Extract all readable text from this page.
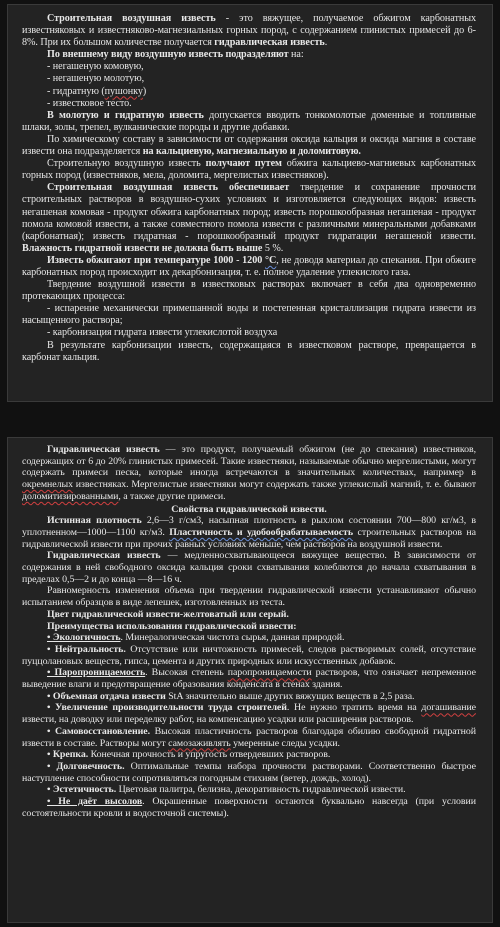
Строительная воздушная известь - это вяжущее, получаемое обжигом карбонатных известняковых и известняково-магнезиальных горных пород, с содержанием глинистых примесей до 6-8%. При их большом количестве получается гидравлическая известь.

По внешнему виду воздушную известь подразделяют на:

- негашеную комовую,

- негашеную молотую,

- гидратную (пушонку)

- известковое тесто.

В молотую и гидратную известь допускается вводить тонкомолотые доменные и топливные шлаки, золы, трепел, вулканические породы и другие добавки.

По химическому составу в зависимости от содержания оксида кальция и оксида магния в составе извести она подразделяется на кальциевую, магнезиальную и доломитовую.

Строительную воздушную известь получают путем обжига кальциево-магниевых карбонатных горных пород (известняков, мела, доломита, мергелистых известняков).

Строительная воздушная известь обеспечивает твердение и сохранение прочности строительных растворов в воздушно-сухих условиях и изготовляется следующих видов: известь негашеная комовая - продукт обжига карбонатных пород; известь порошкообразная негашеная - продукт помола комовой извести, а также совместного помола извести с различными минеральными добавками (карбонатная); известь гидратная - порошкообразный продукт гидратации негашеной извести. Влажность гидратной извести не должна быть выше 5 %.

Известь обжигают при температуре 1000 - 1200 °С, не доводя материал до спекания. При обжиге карбонатных пород происходит их декарбонизация, т. е. полное удаление углекислого газа.

Твердение воздушной извести в известковых растворах включает в себя два одновременно протекающих процесса:

- испарение механически примешанной воды и постепенная кристаллизация гидрата извести из насыщенного раствора;

- карбонизация гидрата извести углекислотой воздуха

В результате карбонизации известь, содержащаяся в известковом растворе, превращается в карбонат кальция.

Гидравлическая известь — это продукт, получаемый обжигом (не до спекания) известняков, содержащих от 6 до 20% глинистых примесей. Такие известняки, называемые обычно мергелистыми, могут содержать примеси песка, которые иногда встречаются в значительных количествах, например в окремнелых известняках. Мергелистые известняки могут содержать также углекислый магний, т. е. бывают доломитизированными, а также другие примеси.

Свойства гидравлической извести.

Истинная плотность 2,6—3 г/см3, насыпная плотность в рыхлом состоянии 700—800 кг/м3, в уплотненном—1000—1100 кг/м3. Пластичность и удобообрабатываемость строительных растворов на гидравлической извести при прочих равных условиях меньше, чем растворов на воздушной извести.

Гидравлическая известь — медленносхватывающееся вяжущее вещество. В зависимости от содержания в ней свободного оксида кальция сроки схватывания колеблются до начала схватывания в пределах 0,5—2 и до конца —8—16 ч.

Равномерность изменения объема при твердении гидравлической извести устанавливают обычно испытанием образцов в виде лепешек, изготовленных из теста.

Цвет гидравлической извести-желтоватый или серый.

Преимущества использования гидравлической извести:

• Экологичность. Минералогическая чистота сырья, данная природой.

• Нейтральность. Отсутствие или ничтожность примесей, следов растворимых солей, отсутствие пуццолановых веществ, гипса, цемента и других природных или искусственных добавок.

• Паропроницаемость. Высокая степень паропроницаемости растворов, что означает непременное выведение влаги и предотвращение образования конденсата в стенах здания.

• Объемная отдача извести StA значительно выше других вяжущих веществ в 2,5 раза.

• Увеличение производительности труда строителей. Не нужно тратить время на догашивание извести, на доводку или переделку работ, на компенсацию усадки или расширения растворов.

• Самовосстановление. Высокая пластичность растворов благодаря обилию свободной гидратной извести в составе. Растворы могут самозаживлять умеренные следы усадки.

• Крепка. Конечная прочность и упругость отвердевших растворов.

• Долговечность. Оптимальные темпы набора прочности растворами. Соответственно быстрое наступление способности сопротивляться погодным стихиям (ветер, дождь, холод).

• Эстетичность. Цветовая палитра, белизна, декоративность гидравлической извести.

• Не даёт высолов. Окрашенные поверхности остаются буквально навсегда (при условии состоятельности кровли и водосточной системы).
